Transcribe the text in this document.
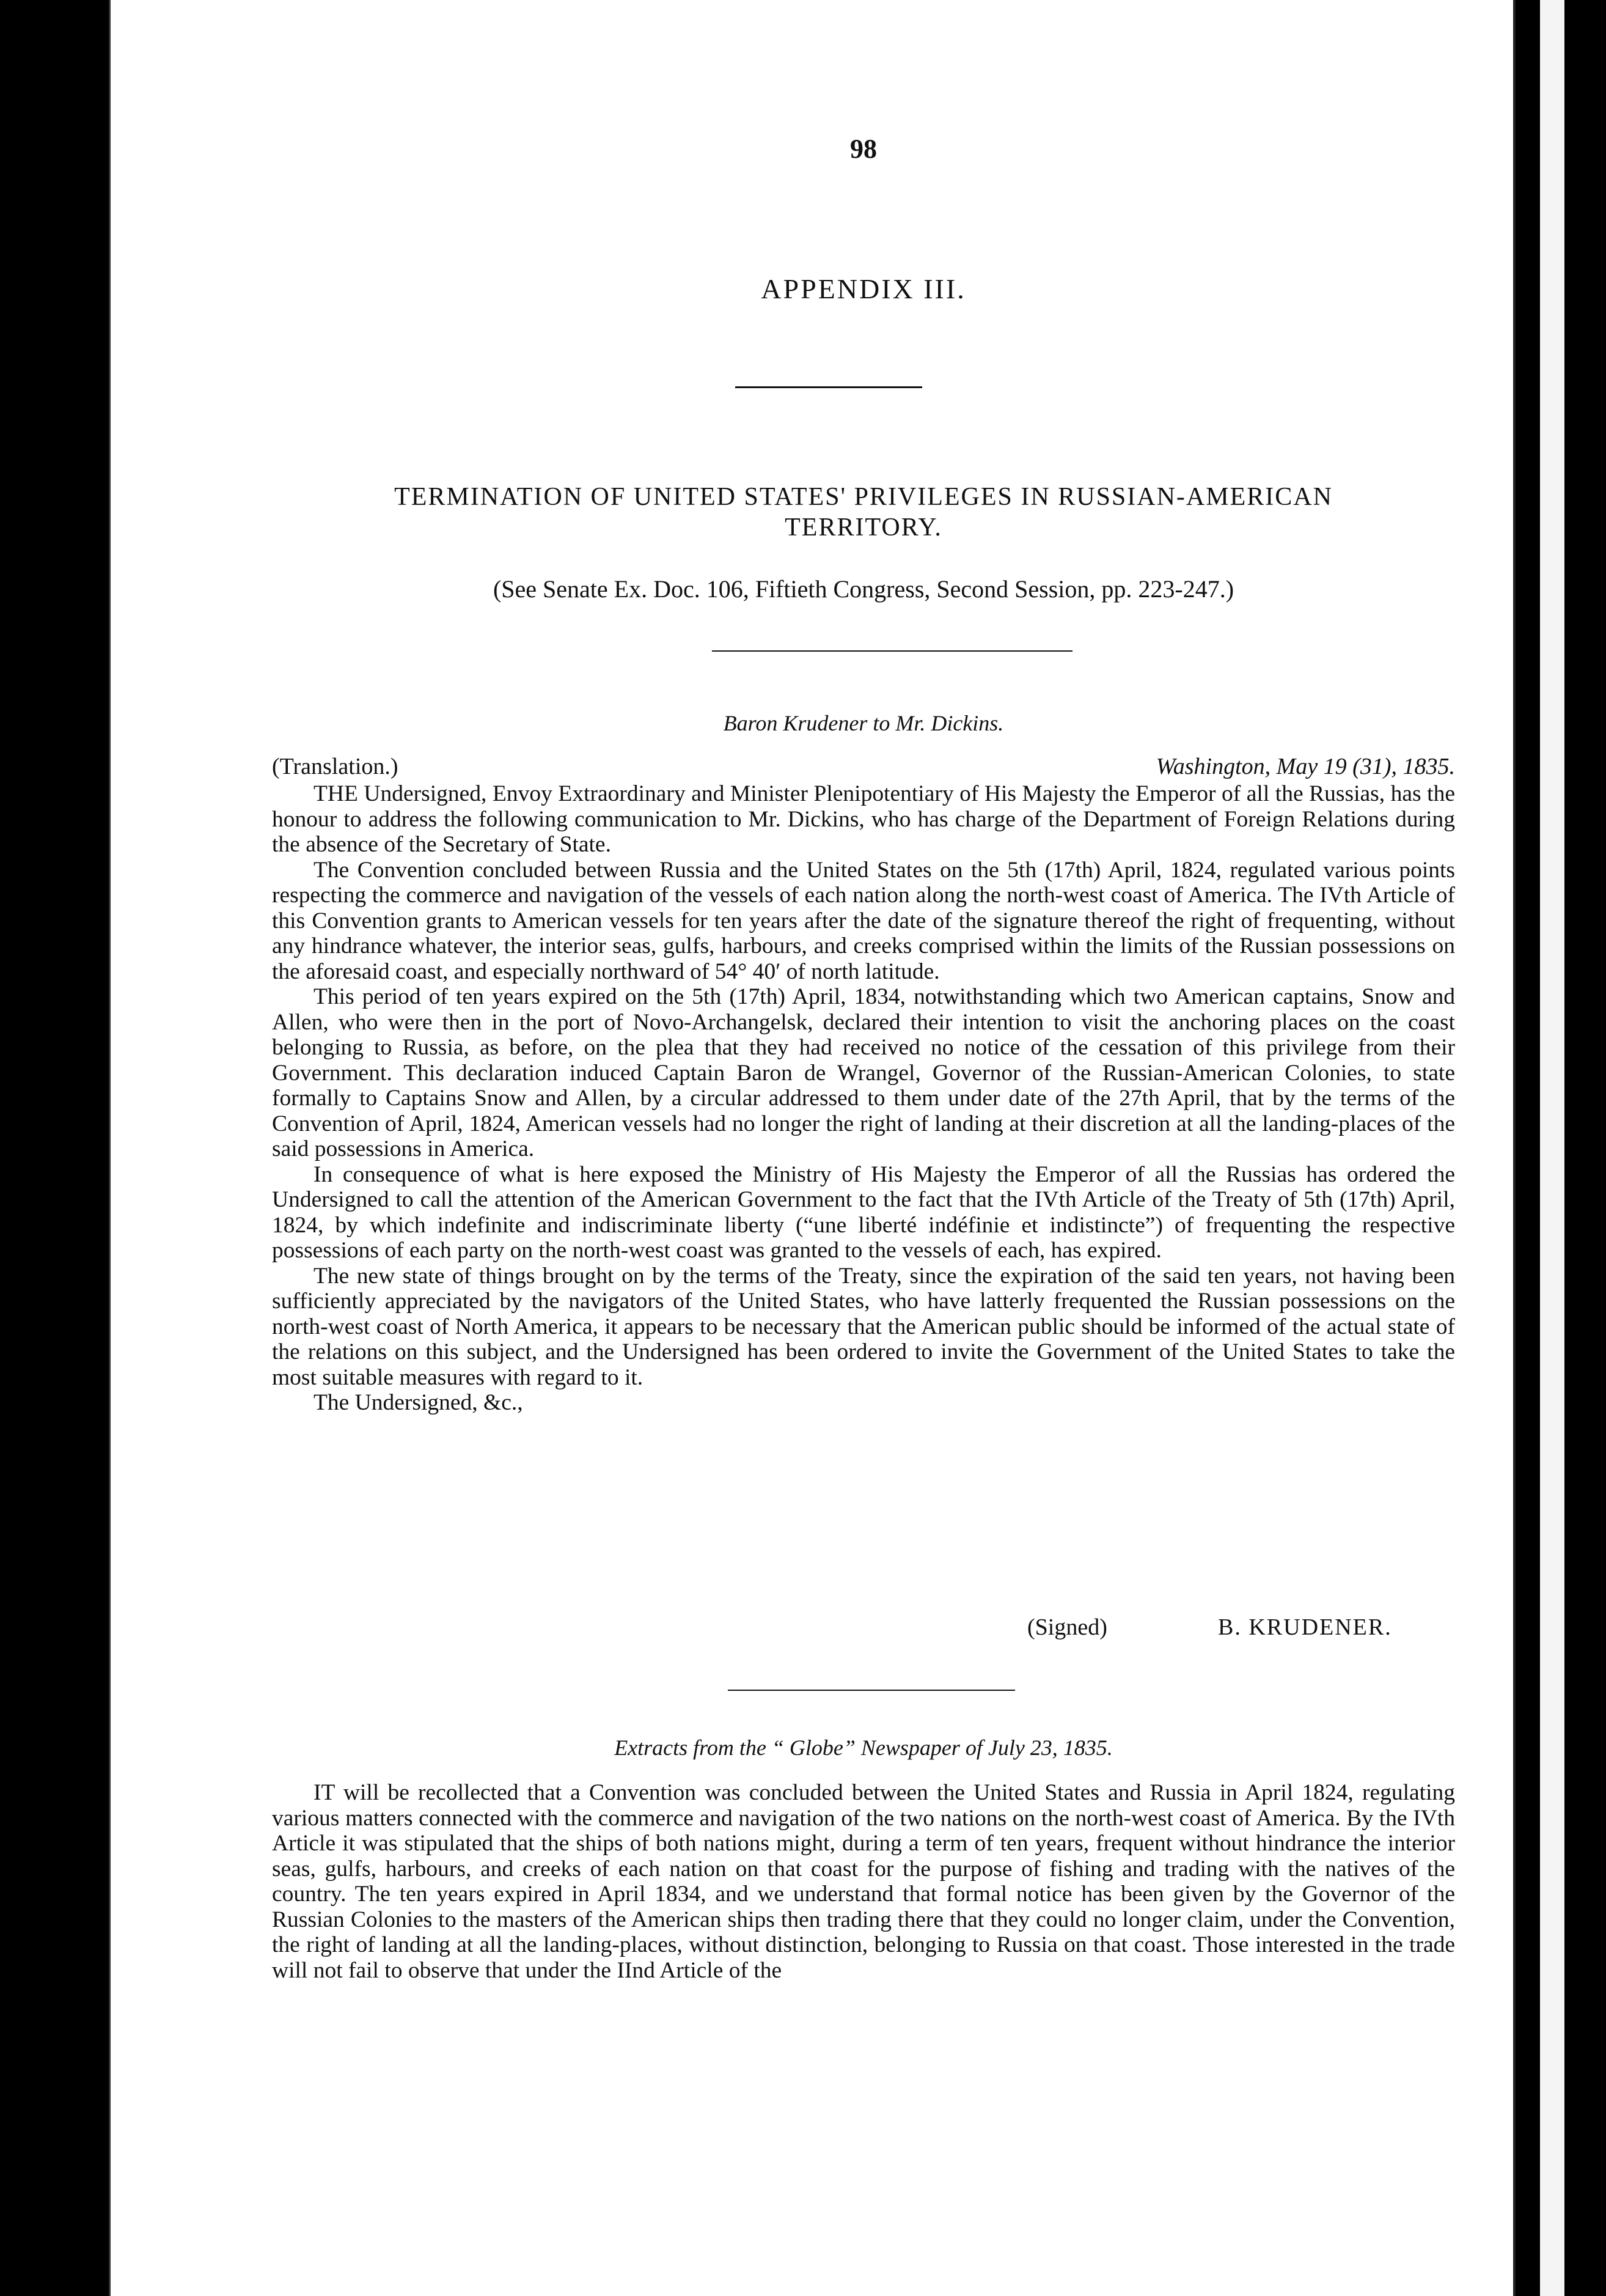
98
APPENDIX III.
TERMINATION OF UNITED STATES' PRIVILEGES IN RUSSIAN-AMERICAN TERRITORY.
(See Senate Ex. Doc. 106, Fiftieth Congress, Second Session, pp. 223-247.)
Baron Krudener to Mr. Dickins.
(Translation.)	Washington, May 19 (31), 1835.

THE Undersigned, Envoy Extraordinary and Minister Plenipotentiary of His Majesty the Emperor of all the Russias, has the honour to address the following communication to Mr. Dickins, who has charge of the Department of Foreign Relations during the absence of the Secretary of State.

The Convention concluded between Russia and the United States on the 5th (17th) April, 1824, regulated various points respecting the commerce and navigation of the vessels of each nation along the north-west coast of America. The IVth Article of this Convention grants to American vessels for ten years after the date of the signature thereof the right of frequenting, without any hindrance whatever, the interior seas, gulfs, harbours, and creeks comprised within the limits of the Russian possessions on the aforesaid coast, and especially northward of 54° 40′ of north latitude.

This period of ten years expired on the 5th (17th) April, 1834, notwithstanding which two American captains, Snow and Allen, who were then in the port of Novo-Archangelsk, declared their intention to visit the anchoring places on the coast belonging to Russia, as before, on the plea that they had received no notice of the cessation of this privilege from their Government. This declaration induced Captain Baron de Wrangel, Governor of the Russian-American Colonies, to state formally to Captains Snow and Allen, by a circular addressed to them under date of the 27th April, that by the terms of the Convention of April, 1824, American vessels had no longer the right of landing at their discretion at all the landing-places of the said possessions in America.

In consequence of what is here exposed the Ministry of His Majesty the Emperor of all the Russias has ordered the Undersigned to call the attention of the American Government to the fact that the IVth Article of the Treaty of 5th (17th) April, 1824, by which indefinite and indiscriminate liberty (“une liberté indéfinie et indistincte”) of frequenting the respective possessions of each party on the north-west coast was granted to the vessels of each, has expired.

The new state of things brought on by the terms of the Treaty, since the expiration of the said ten years, not having been sufficiently appreciated by the navigators of the United States, who have latterly frequented the Russian possessions on the north-west coast of North America, it appears to be necessary that the American public should be informed of the actual state of the relations on this subject, and the Undersigned has been ordered to invite the Government of the United States to take the most suitable measures with regard to it.

The Undersigned, &c.,

(Signed)	B. KRUDENER.
Extracts from the “ Globe” Newspaper of July 23, 1835.

IT will be recollected that a Convention was concluded between the United States and Russia in April 1824, regulating various matters connected with the commerce and navigation of the two nations on the north-west coast of America. By the IVth Article it was stipulated that the ships of both nations might, during a term of ten years, frequent without hindrance the interior seas, gulfs, harbours, and creeks of each nation on that coast for the purpose of fishing and trading with the natives of the country. The ten years expired in April 1834, and we understand that formal notice has been given by the Governor of the Russian Colonies to the masters of the American ships then trading there that they could no longer claim, under the Convention, the right of landing at all the landing-places, without distinction, belonging to Russia on that coast. Those interested in the trade will not fail to observe that under the IInd Article of the
